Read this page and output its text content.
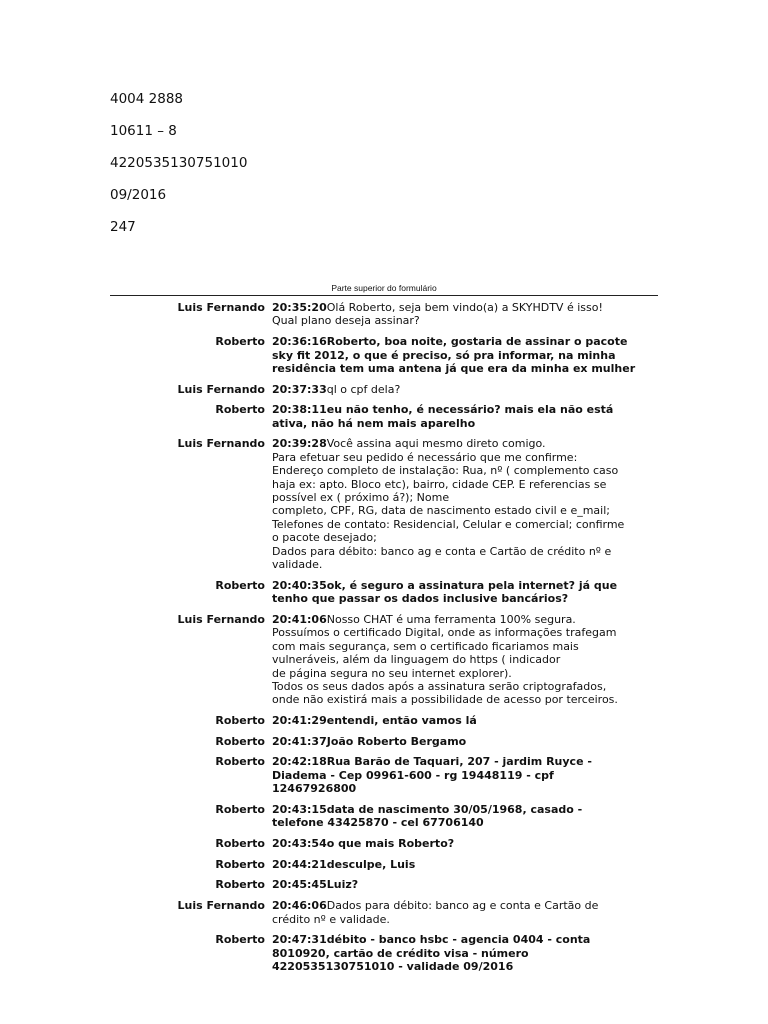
4004 2888

10611 – 8

4220535130751010

09/2016

247

Parte superior do formulário
Luis Fernando 20:35:20Olá Roberto, seja bem vindo(a) a SKYHDTV é isso!
Qual plano deseja assinar?
Roberto 20:36:16Roberto, boa noite, gostaria de assinar o pacote
sky fit 2012, o que é preciso, só pra informar, na minha
residência tem uma antena já que era da minha ex mulher
Luis Fernando 20:37:33ql o cpf dela?
Roberto 20:38:11eu não tenho, é necessário? mais ela não está
ativa, não há nem mais aparelho
Luis Fernando 20:39:28Você assina aqui mesmo direto comigo.
Para efetuar seu pedido é necessário que me confirme:
Endereço completo de instalação: Rua, nº ( complemento caso
haja ex: apto. Bloco etc), bairro, cidade CEP. E referencias se
possível ex ( próximo á?); Nome
completo, CPF, RG, data de nascimento estado civil e e_mail;
Telefones de contato: Residencial, Celular e comercial; confirme
o pacote desejado;
Dados para débito: banco ag e conta e Cartão de crédito nº e
validade.
Roberto 20:40:35ok, é seguro a assinatura pela internet? já que
tenho que passar os dados inclusive bancários?
Luis Fernando 20:41:06Nosso CHAT é uma ferramenta 100% segura.
Possuímos o certificado Digital, onde as informações trafegam
com mais segurança, sem o certificado ficariamos mais
vulneráveis, além da linguagem do https ( indicador
de página segura no seu internet explorer).
Todos os seus dados após a assinatura serão criptografados,
onde não existirá mais a possibilidade de acesso por terceiros.
Roberto 20:41:29entendi, então vamos lá
Roberto 20:41:37João Roberto Bergamo
Roberto 20:42:18Rua Barão de Taquari, 207 - jardim Ruyce -
Diadema - Cep 09961-600 - rg 19448119 - cpf
12467926800
Roberto 20:43:15data de nascimento 30/05/1968, casado -
telefone 43425870 - cel 67706140
Roberto 20:43:54o que mais Roberto?
Roberto 20:44:21desculpe, Luis
Roberto 20:45:45Luiz?
Luis Fernando 20:46:06Dados para débito: banco ag e conta e Cartão de
crédito nº e validade.
Roberto 20:47:31débito - banco hsbc - agencia 0404 - conta
8010920, cartão de crédito visa - número
4220535130751010 - validade 09/2016
